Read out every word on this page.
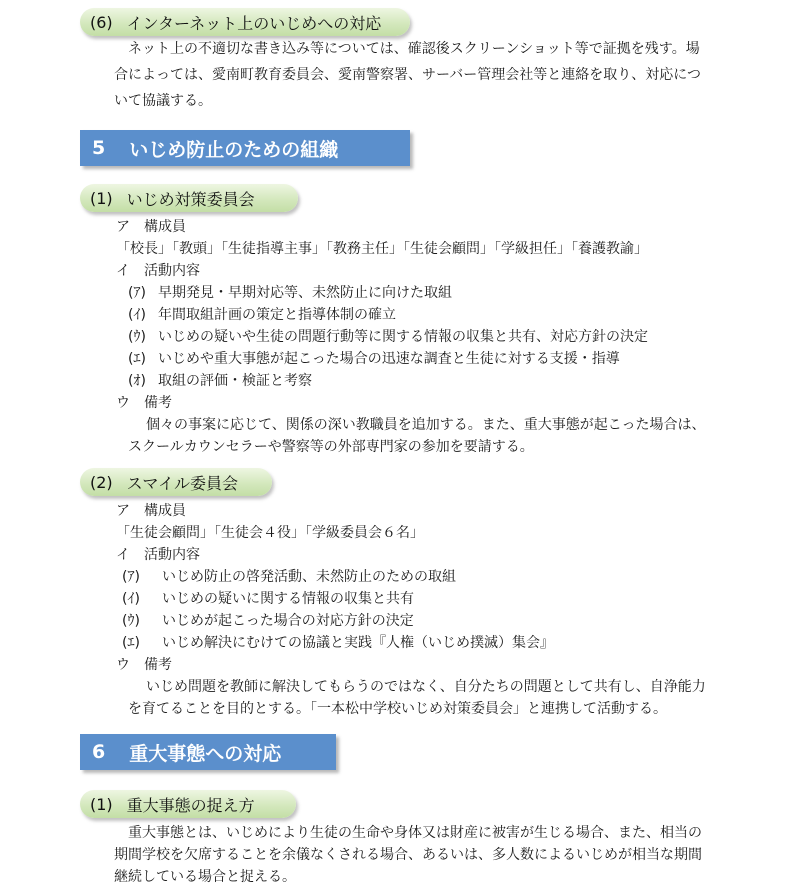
(6) インターネット上のいじめへの対応
ネット上の不適切な書き込み等については、確認後スクリーンショット等で証拠を残す。場
合によっては、愛南町教育委員会、愛南警察署、サーバー管理会社等と連絡を取り、対応につ
いて協議する。
5 いじめ防止のための組織
(1) いじめ対策委員会
ア　構成員
「校長」「教頭」「生徒指導主事」「教務主任」「生徒会顧問」「学級担任」「養護教諭」
イ　活動内容
(ｱ) 早期発見・早期対応等、未然防止に向けた取組
(ｲ) 年間取組計画の策定と指導体制の確立
(ｳ) いじめの疑いや生徒の問題行動等に関する情報の収集と共有、対応方針の決定
(ｴ) いじめや重大事態が起こった場合の迅速な調査と生徒に対する支援・指導
(ｵ) 取組の評価・検証と考察
ウ　備考
個々の事案に応じて、関係の深い教職員を追加する。また、重大事態が起こった場合は、
スクールカウンセラーや警察等の外部専門家の参加を要請する。
(2) スマイル委員会
ア　構成員
「生徒会顧問」「生徒会４役」「学級委員会６名」
イ　活動内容
(ｱ) いじめ防止の啓発活動、未然防止のための取組
(ｲ) いじめの疑いに関する情報の収集と共有
(ｳ) いじめが起こった場合の対応方針の決定
(ｴ) いじめ解決にむけての協議と実践『人権（いじめ撲滅）集会』
ウ　備考
いじめ問題を教師に解決してもらうのではなく、自分たちの問題として共有し、自浄能力
を育てることを目的とする。「一本松中学校いじめ対策委員会」と連携して活動する。
6 重大事態への対応
(1) 重大事態の捉え方
重大事態とは、いじめにより生徒の生命や身体又は財産に被害が生じる場合、また、相当の
期間学校を欠席することを余儀なくされる場合、あるいは、多人数によるいじめが相当な期間
継続している場合と捉える。
